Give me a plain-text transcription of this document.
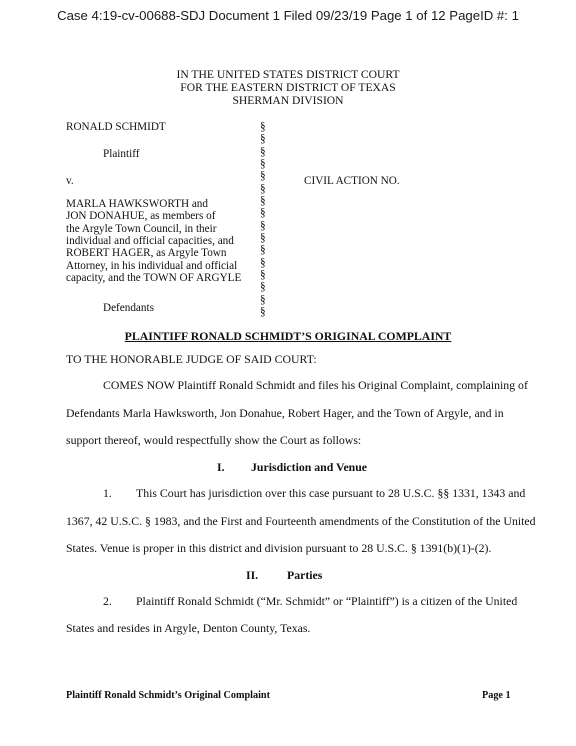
Case 4:19-cv-00688-SDJ Document 1 Filed 09/23/19 Page 1 of 12 PageID #: 1
IN THE UNITED STATES DISTRICT COURT
FOR THE EASTERN DISTRICT OF TEXAS
SHERMAN DIVISION
RONALD SCHMIDT
Plaintiff
v.	CIVIL ACTION NO.
MARLA HAWKSWORTH and
JON DONAHUE, as members of
the Argyle Town Council, in their
individual and official capacities, and
ROBERT HAGER, as Argyle Town
Attorney, in his individual and official
capacity, and the TOWN OF ARGYLE
Defendants
§
§
§
§
§
§
§
§
§
§
§
§
§
§
§
§
PLAINTIFF RONALD SCHMIDT’S ORIGINAL COMPLAINT
TO THE HONORABLE JUDGE OF SAID COURT:
COMES NOW Plaintiff Ronald Schmidt and files his Original Complaint, complaining of
Defendants Marla Hawksworth, Jon Donahue, Robert Hager, and the Town of Argyle, and in
support thereof, would respectfully show the Court as follows:
I. Jurisdiction and Venue
1. This Court has jurisdiction over this case pursuant to 28 U.S.C. §§ 1331, 1343 and
1367, 42 U.S.C. § 1983, and the First and Fourteenth amendments of the Constitution of the United
States. Venue is proper in this district and division pursuant to 28 U.S.C. § 1391(b)(1)-(2).
II. Parties
2. Plaintiff Ronald Schmidt (“Mr. Schmidt” or “Plaintiff”) is a citizen of the United
States and resides in Argyle, Denton County, Texas.
Plaintiff Ronald Schmidt’s Original Complaint	Page 1
